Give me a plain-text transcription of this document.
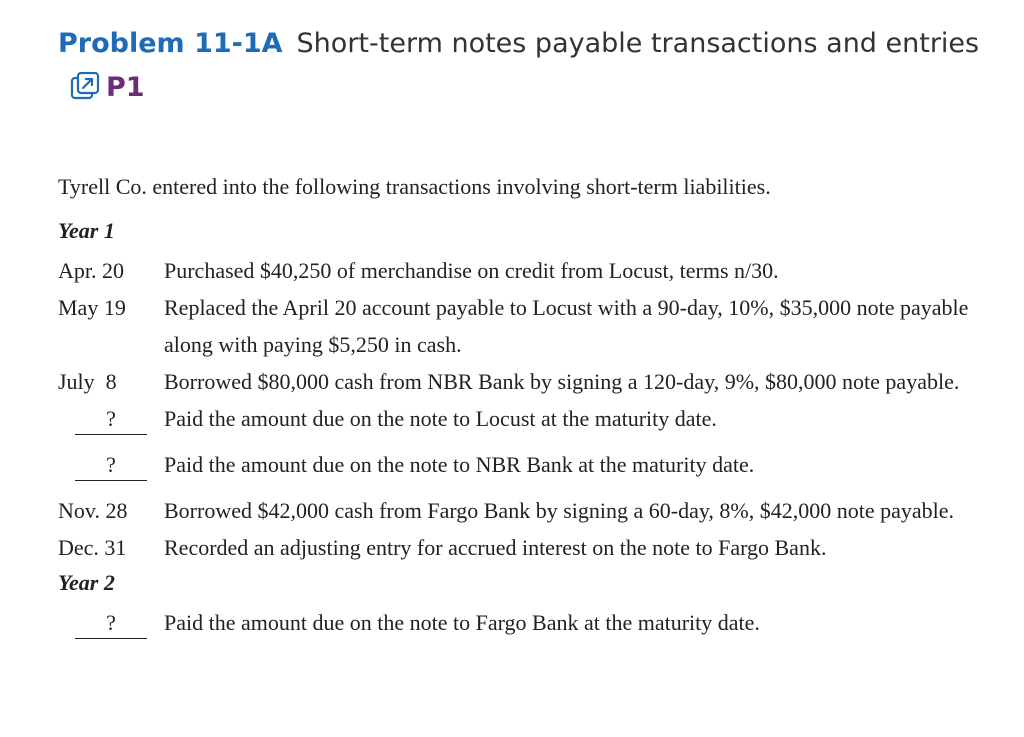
Problem 11-1A Short-term notes payable transactions and entriesP1

Tyrell Co. entered into the following transactions involving short-term liabilities.

Year 1

Apr. 20	Purchased $40,250 of merchandise on credit from Locust, terms n/30.
May 19	Replaced the April 20 account payable to Locust with a 90-day, 10%, $35,000 note payable along with paying $5,250 in cash.
July  8	Borrowed $80,000 cash from NBR Bank by signing a 120-day, 9%, $80,000 note payable.
?	Paid the amount due on the note to Locust at the maturity date.
?	Paid the amount due on the note to NBR Bank at the maturity date.
Nov. 28	Borrowed $42,000 cash from Fargo Bank by signing a 60-day, 8%, $42,000 note payable.
Dec. 31	Recorded an adjusting entry for accrued interest on the note to Fargo Bank.

Year 2

?	Paid the amount due on the note to Fargo Bank at the maturity date.
